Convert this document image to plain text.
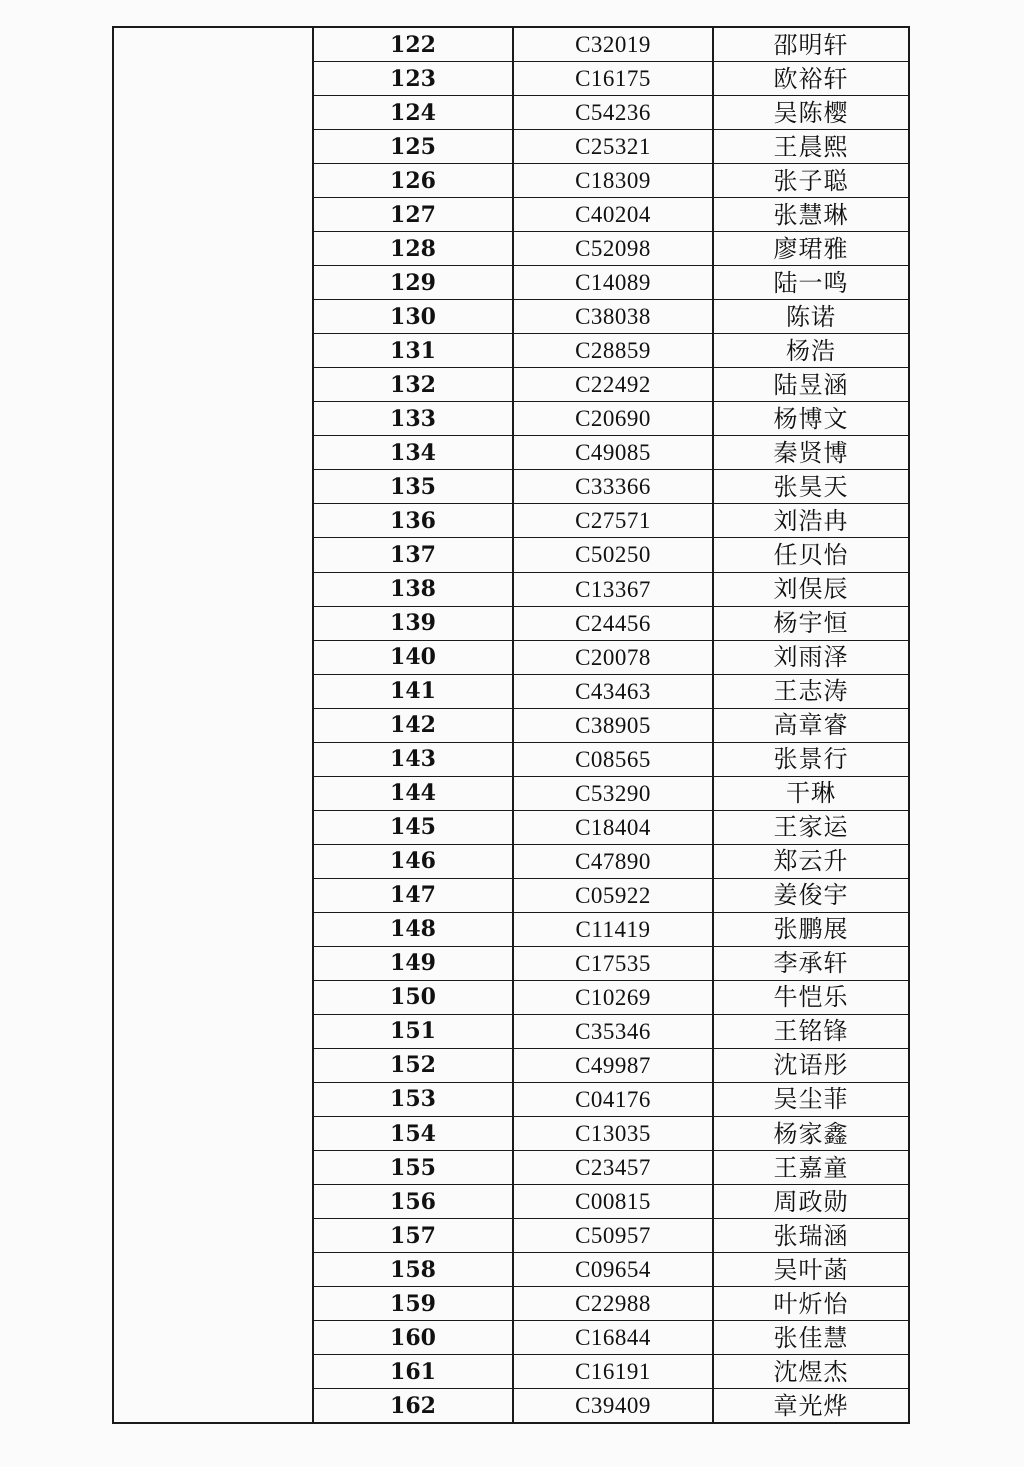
122	C32019	邵明轩
123	C16175	欧裕轩
124	C54236	吴陈樱
125	C25321	王晨熙
126	C18309	张子聪
127	C40204	张慧琳
128	C52098	廖珺雅
129	C14089	陆一鸣
130	C38038	陈诺
131	C28859	杨浩
132	C22492	陆昱涵
133	C20690	杨博文
134	C49085	秦贤博
135	C33366	张昊天
136	C27571	刘浩冉
137	C50250	任贝怡
138	C13367	刘俣辰
139	C24456	杨宇恒
140	C20078	刘雨泽
141	C43463	王志涛
142	C38905	高章睿
143	C08565	张景行
144	C53290	干琳
145	C18404	王家运
146	C47890	郑云升
147	C05922	姜俊宇
148	C11419	张鹏展
149	C17535	李承轩
150	C10269	牛恺乐
151	C35346	王铭锋
152	C49987	沈语彤
153	C04176	吴尘菲
154	C13035	杨家鑫
155	C23457	王嘉童
156	C00815	周政勋
157	C50957	张瑞涵
158	C09654	吴叶菡
159	C22988	叶炘怡
160	C16844	张佳慧
161	C16191	沈煜杰
162	C39409	章光烨
